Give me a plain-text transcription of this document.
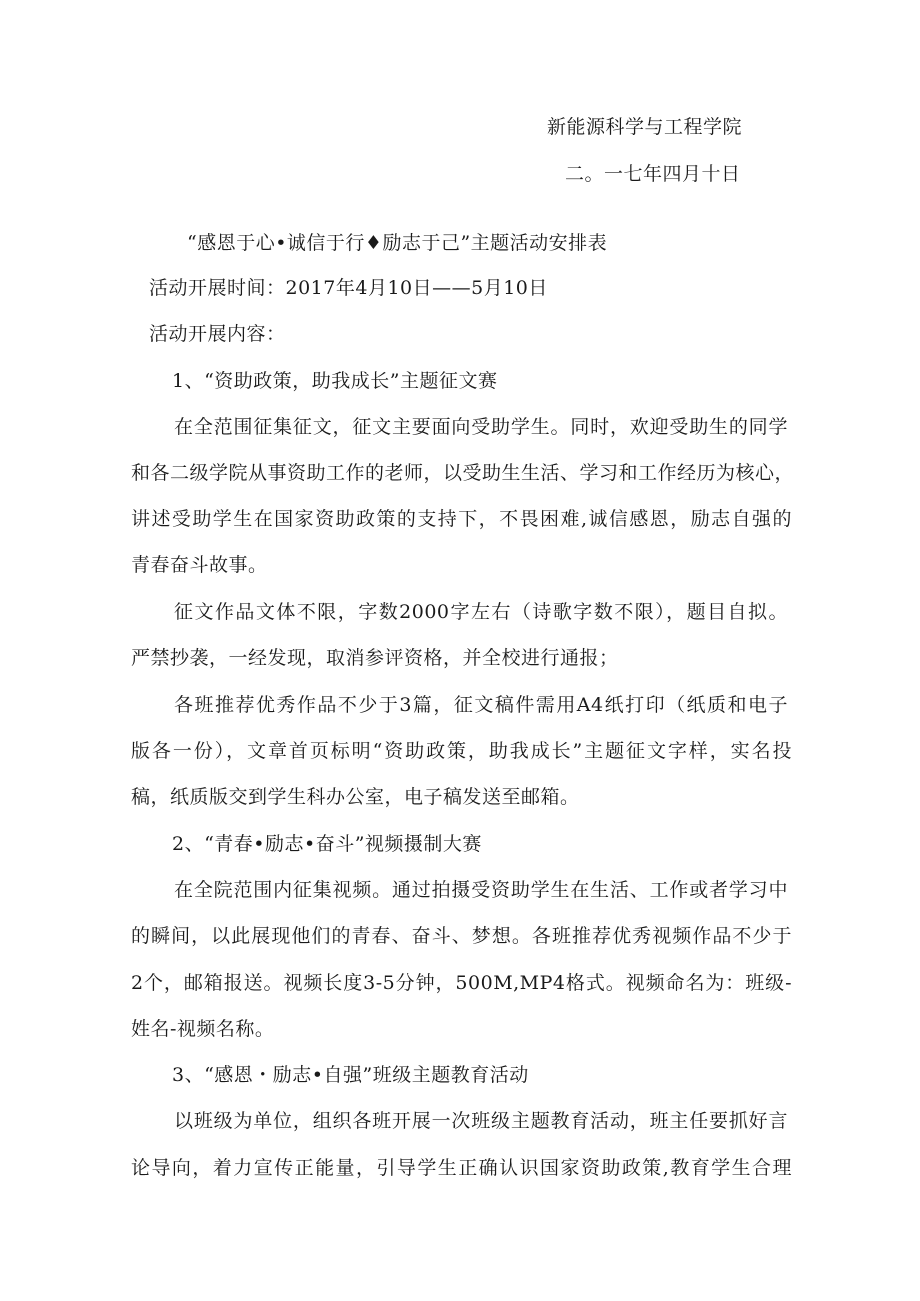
新能源科学与工程学院
二。一七年四月十日
“感恩于心•诚信于行♦励志于己”主题活动安排表
活动开展时间：2017年4月10日——5月10日
活动开展内容：
1、“资助政策，助我成长”主题征文赛
在全范围征集征文，征文主要面向受助学生。同时，欢迎受助生的同学
和各二级学院从事资助工作的老师，以受助生生活、学习和工作经历为核心，
讲述受助学生在国家资助政策的支持下，不畏困难,诚信感恩，励志自强的
青春奋斗故事。
征文作品文体不限，字数2000字左右（诗歌字数不限），题目自拟。
严禁抄袭，一经发现，取消参评资格，并全校进行通报；
各班推荐优秀作品不少于3篇，征文稿件需用A4纸打印（纸质和电子
版各一份），文章首页标明“资助政策，助我成长”主题征文字样，实名投
稿，纸质版交到学生科办公室，电子稿发送至邮箱。
2、“青春•励志•奋斗”视频摄制大赛
在全院范围内征集视频。通过拍摄受资助学生在生活、工作或者学习中
的瞬间，以此展现他们的青春、奋斗、梦想。各班推荐优秀视频作品不少于
2个，邮箱报送。视频长度3-5分钟，500M,MP4格式。视频命名为：班级-
姓名-视频名称。
3、“感恩・励志•自强”班级主题教育活动
以班级为单位，组织各班开展一次班级主题教育活动，班主任要抓好言
论导向，着力宣传正能量，引导学生正确认识国家资助政策,教育学生合理
